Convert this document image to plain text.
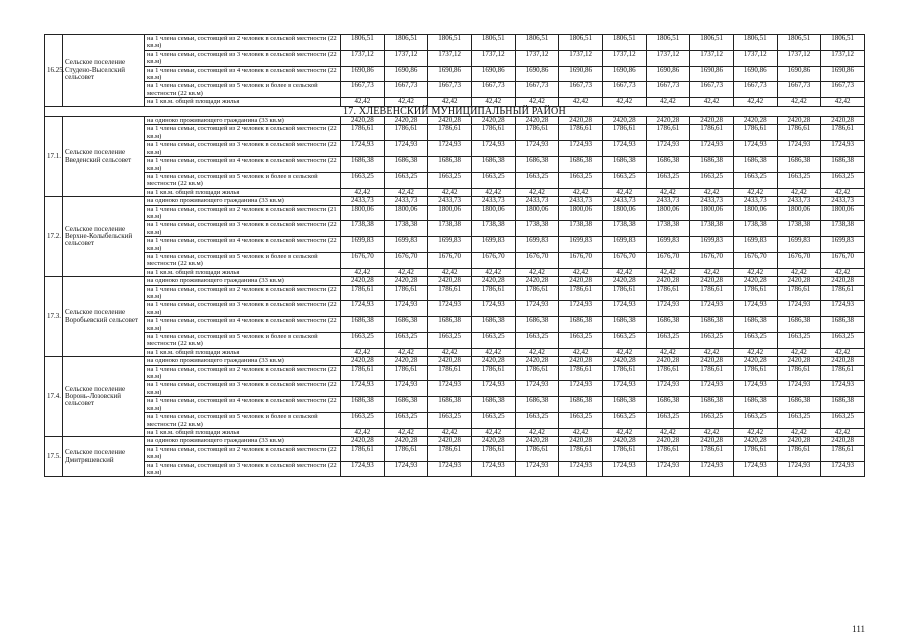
16.25.	Сельское поселение Студено-Выселский сельсовет	на 1 члена семьи, состоящей из 2 человек в сельской местности (22 кв.м)	1806,51	1806,51	1806,51	1806,51	1806,51	1806,51	1806,51	1806,51	1806,51	1806,51	1806,51	1806,51
		на 1 члена семьи, состоящей из 3 человек в сельской местности (22 кв.м)	1737,12	1737,12	1737,12	1737,12	1737,12	1737,12	1737,12	1737,12	1737,12	1737,12	1737,12	1737,12
		на 1 члена семьи, состоящей из 4 человек в сельской местности (22 кв.м)	1690,86	1690,86	1690,86	1690,86	1690,86	1690,86	1690,86	1690,86	1690,86	1690,86	1690,86	1690,86
		на 1 члена семьи, состоящей из 5 человек и более в сельской местности (22 кв.м)	1667,73	1667,73	1667,73	1667,73	1667,73	1667,73	1667,73	1667,73	1667,73	1667,73	1667,73	1667,73
		на 1 кв.м. общей площади жилья	42,42	42,42	42,42	42,42	42,42	42,42	42,42	42,42	42,42	42,42	42,42	42,42
17. ХЛЕВЕНСКИЙ МУНИЦИПАЛЬНЫЙ РАЙОН														
17.1.	Сельское поселение Введенский сельсовет	на одиноко проживающего гражданина (33 кв.м)	2420,28	2420,28	2420,28	2420,28	2420,28	2420,28	2420,28	2420,28	2420,28	2420,28	2420,28	2420,28
		на 1 члена семьи, состоящей из 2 человек в сельской местности (22 кв.м)	1786,61	1786,61	1786,61	1786,61	1786,61	1786,61	1786,61	1786,61	1786,61	1786,61	1786,61	1786,61
		на 1 члена семьи, состоящей из 3 человек в сельской местности (22 кв.м)	1724,93	1724,93	1724,93	1724,93	1724,93	1724,93	1724,93	1724,93	1724,93	1724,93	1724,93	1724,93
		на 1 члена семьи, состоящей из 4 человек в сельской местности (22 кв.м)	1686,38	1686,38	1686,38	1686,38	1686,38	1686,38	1686,38	1686,38	1686,38	1686,38	1686,38	1686,38
		на 1 члена семьи, состоящей из 5 человек и более в сельской местности (22 кв.м)	1663,25	1663,25	1663,25	1663,25	1663,25	1663,25	1663,25	1663,25	1663,25	1663,25	1663,25	1663,25
		на 1 кв.м. общей площади жилья	42,42	42,42	42,42	42,42	42,42	42,42	42,42	42,42	42,42	42,42	42,42	42,42
17.2.	Сельское поселение Верхне-Колыбельский сельсовет	на одиноко проживающего гражданина (33 кв.м)	2433,73	2433,73	2433,73	2433,73	2433,73	2433,73	2433,73	2433,73	2433,73	2433,73	2433,73	2433,73
		на 1 члена семьи, состоящей из 2 человек в сельской местности (21 кв.м)	1800,06	1800,06	1800,06	1800,06	1800,06	1800,06	1800,06	1800,06	1800,06	1800,06	1800,06	1800,06
		на 1 члена семьи, состоящей из 3 человек в сельской местности (22 кв.м)	1738,38	1738,38	1738,38	1738,38	1738,38	1738,38	1738,38	1738,38	1738,38	1738,38	1738,38	1738,38
		на 1 члена семьи, состоящей из 4 человек в сельской местности (22 кв.м)	1699,83	1699,83	1699,83	1699,83	1699,83	1699,83	1699,83	1699,83	1699,83	1699,83	1699,83	1699,83
		на 1 члена семьи, состоящей из 5 человек и более в сельской местности (22 кв.м)	1676,70	1676,70	1676,70	1676,70	1676,70	1676,70	1676,70	1676,70	1676,70	1676,70	1676,70	1676,70
		на 1 кв.м. общей площади жилья	42,42	42,42	42,42	42,42	42,42	42,42	42,42	42,42	42,42	42,42	42,42	42,42
17.3.	Сельское поселение Воробьевский сельсовет	на одиноко проживающего гражданина (33 кв.м)	2420,28	2420,28	2420,28	2420,28	2420,28	2420,28	2420,28	2420,28	2420,28	2420,28	2420,28	2420,28
		на 1 члена семьи, состоящей из 2 человек в сельской местности (22 кв.м)	1786,61	1786,61	1786,61	1786,61	1786,61	1786,61	1786,61	1786,61	1786,61	1786,61	1786,61	1786,61
		на 1 члена семьи, состоящей из 3 человек в сельской местности (22 кв.м)	1724,93	1724,93	1724,93	1724,93	1724,93	1724,93	1724,93	1724,93	1724,93	1724,93	1724,93	1724,93
		на 1 члена семьи, состоящей из 4 человек в сельской местности (22 кв.м)	1686,38	1686,38	1686,38	1686,38	1686,38	1686,38	1686,38	1686,38	1686,38	1686,38	1686,38	1686,38
		на 1 члена семьи, состоящей из 5 человек и более в сельской местности (22 кв.м)	1663,25	1663,25	1663,25	1663,25	1663,25	1663,25	1663,25	1663,25	1663,25	1663,25	1663,25	1663,25
		на 1 кв.м. общей площади жилья	42,42	42,42	42,42	42,42	42,42	42,42	42,42	42,42	42,42	42,42	42,42	42,42
17.4.	Сельское поселение Воронь-Лозовский сельсовет	на одиноко проживающего гражданина (33 кв.м)	2420,28	2420,28	2420,28	2420,28	2420,28	2420,28	2420,28	2420,28	2420,28	2420,28	2420,28	2420,28
		на 1 члена семьи, состоящей из 2 человек в сельской местности (22 кв.м)	1786,61	1786,61	1786,61	1786,61	1786,61	1786,61	1786,61	1786,61	1786,61	1786,61	1786,61	1786,61
		на 1 члена семьи, состоящей из 3 человек в сельской местности (22 кв.м)	1724,93	1724,93	1724,93	1724,93	1724,93	1724,93	1724,93	1724,93	1724,93	1724,93	1724,93	1724,93
		на 1 члена семьи, состоящей из 4 человек в сельской местности (22 кв.м)	1686,38	1686,38	1686,38	1686,38	1686,38	1686,38	1686,38	1686,38	1686,38	1686,38	1686,38	1686,38
		на 1 члена семьи, состоящей из 5 человек и более в сельской местности (22 кв.м)	1663,25	1663,25	1663,25	1663,25	1663,25	1663,25	1663,25	1663,25	1663,25	1663,25	1663,25	1663,25
		на 1 кв.м. общей площади жилья	42,42	42,42	42,42	42,42	42,42	42,42	42,42	42,42	42,42	42,42	42,42	42,42
17.5.	Сельское поселение Дмитряшевский	на одиноко проживающего гражданина (33 кв.м)	2420,28	2420,28	2420,28	2420,28	2420,28	2420,28	2420,28	2420,28	2420,28	2420,28	2420,28	2420,28
		на 1 члена семьи, состоящей из 2 человек в сельской местности (22 кв.м)	1786,61	1786,61	1786,61	1786,61	1786,61	1786,61	1786,61	1786,61	1786,61	1786,61	1786,61	1786,61
		на 1 члена семьи, состоящей из 3 человек в сельской местности (22 кв.м)	1724,93	1724,93	1724,93	1724,93	1724,93	1724,93	1724,93	1724,93	1724,93	1724,93	1724,93	1724,93
111
